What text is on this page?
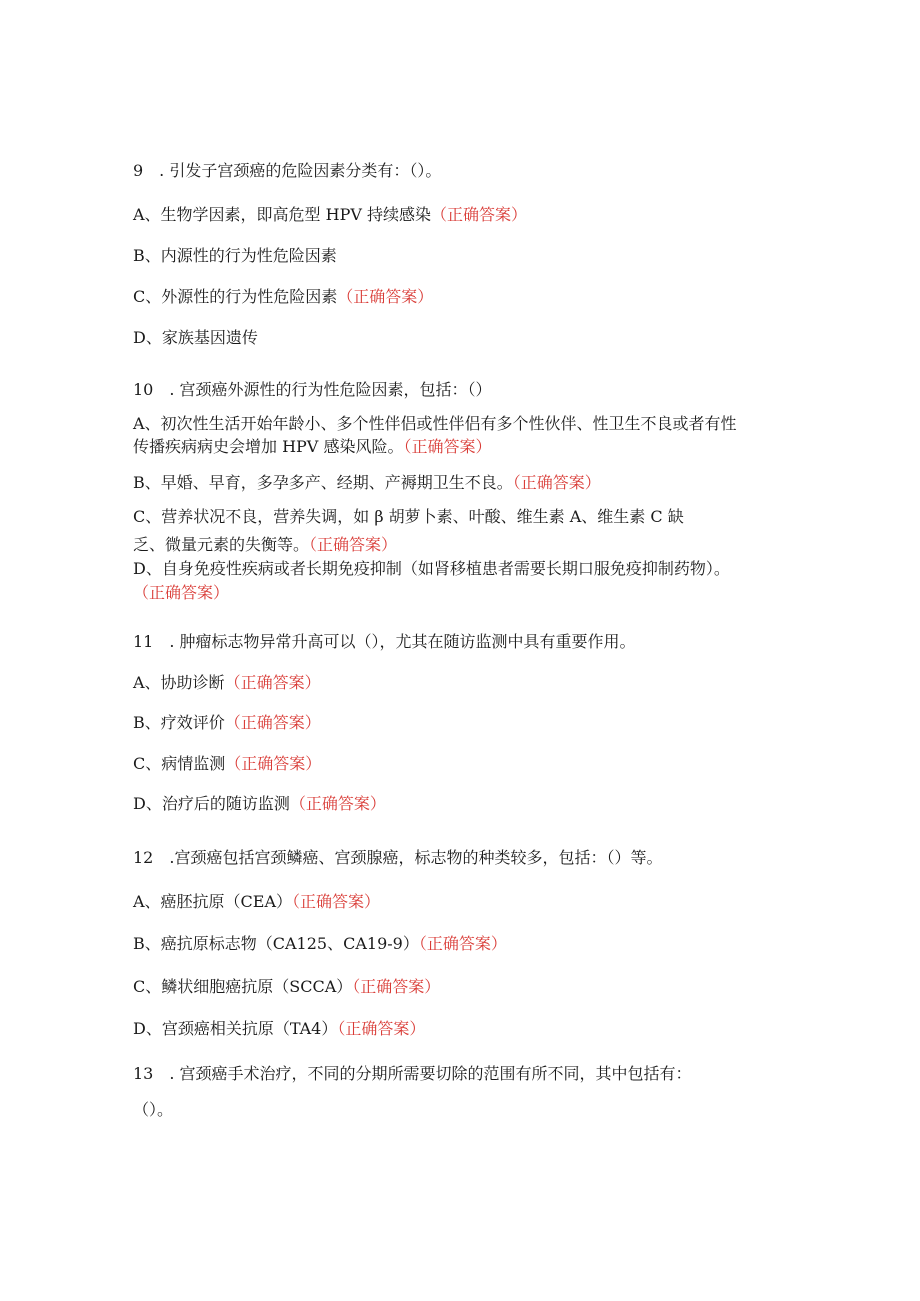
9　. 引发子宫颈癌的危险因素分类有：（）。
A、生物学因素，即高危型 HPV 持续感染（正确答案）
B、内源性的行为性危险因素
C、外源性的行为性危险因素（正确答案）
D、家族基因遗传
10　. 宫颈癌外源性的行为性危险因素，包括：（）
A、初次性生活开始年龄小、多个性伴侣或性伴侣有多个性伙伴、性卫生不良或者有性
传播疾病病史会增加 HPV 感染风险。（正确答案）
B、早婚、早育，多孕多产、经期、产褥期卫生不良。（正确答案）
C、营养状况不良，营养失调，如 β 胡萝卜素、叶酸、维生素 A、维生素 C 缺
乏、微量元素的失衡等。（正确答案）
D、自身免疫性疾病或者长期免疫抑制（如肾移植患者需要长期口服免疫抑制药物）。
（正确答案）
11　. 肿瘤标志物异常升高可以（），尤其在随访监测中具有重要作用。
A、协助诊断（正确答案）
B、疗效评价（正确答案）
C、病情监测（正确答案）
D、治疗后的随访监测（正确答案）
12　.宫颈癌包括宫颈鳞癌、宫颈腺癌，标志物的种类较多，包括：（）等。
A、癌胚抗原（CEA）（正确答案）
B、癌抗原标志物（CA125、CA19-9）（正确答案）
C、鳞状细胞癌抗原（SCCA）（正确答案）
D、宫颈癌相关抗原（TA4）（正确答案）
13　. 宫颈癌手术治疗，不同的分期所需要切除的范围有所不同，其中包括有：
（）。
